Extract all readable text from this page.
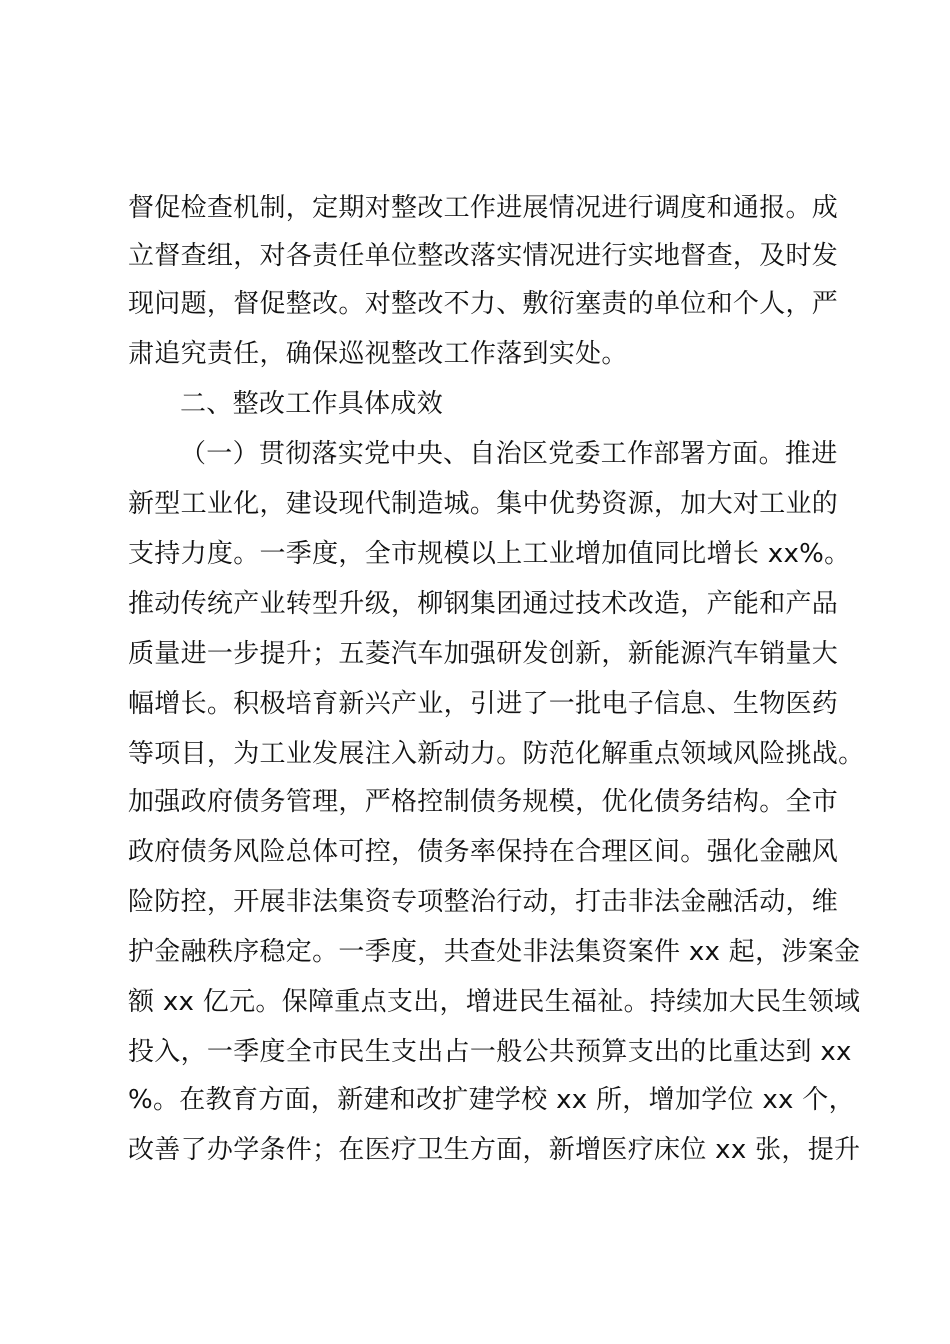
督促检查机制，定期对整改工作进展情况进行调度和通报。成
立督查组，对各责任单位整改落实情况进行实地督查，及时发
现问题，督促整改。对整改不力、敷衍塞责的单位和个人，严
肃追究责任，确保巡视整改工作落到实处。
二、整改工作具体成效
（一）贯彻落实党中央、自治区党委工作部署方面。推进
新型工业化，建设现代制造城。集中优势资源，加大对工业的
支持力度。一季度，全市规模以上工业增加值同比增长 xx%。
推动传统产业转型升级，柳钢集团通过技术改造，产能和产品
质量进一步提升；五菱汽车加强研发创新，新能源汽车销量大
幅增长。积极培育新兴产业，引进了一批电子信息、生物医药
等项目，为工业发展注入新动力。防范化解重点领域风险挑战。
加强政府债务管理，严格控制债务规模，优化债务结构。全市
政府债务风险总体可控，债务率保持在合理区间。强化金融风
险防控，开展非法集资专项整治行动，打击非法金融活动，维
护金融秩序稳定。一季度，共查处非法集资案件 xx 起，涉案金
额 xx 亿元。保障重点支出，增进民生福祉。持续加大民生领域
投入，一季度全市民生支出占一般公共预算支出的比重达到 xx
%。在教育方面，新建和改扩建学校 xx 所，增加学位 xx 个，
改善了办学条件；在医疗卫生方面，新增医疗床位 xx 张，提升
